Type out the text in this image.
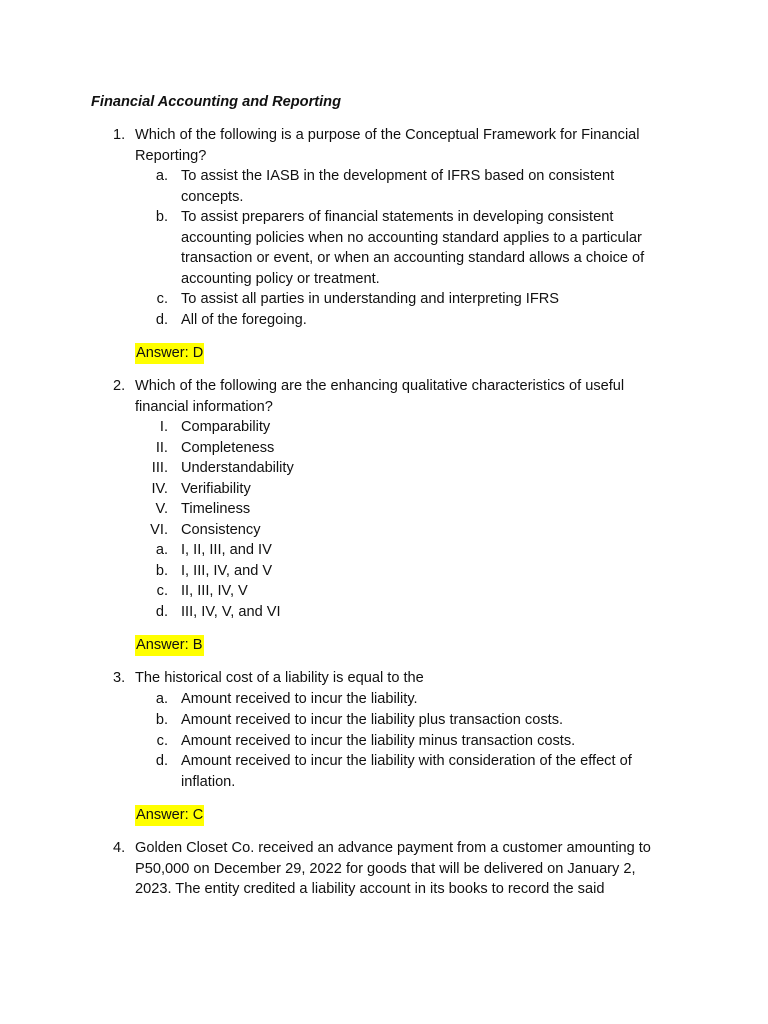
Financial Accounting and Reporting
1. Which of the following is a purpose of the Conceptual Framework for Financial
Reporting?
a. To assist the IASB in the development of IFRS based on consistent
concepts.
b. To assist preparers of financial statements in developing consistent
accounting policies when no accounting standard applies to a particular
transaction or event, or when an accounting standard allows a choice of
accounting policy or treatment.
c. To assist all parties in understanding and interpreting IFRS
d. All of the foregoing.
Answer: D
2. Which of the following are the enhancing qualitative characteristics of useful
financial information?
I. Comparability
II. Completeness
III. Understandability
IV. Verifiability
V. Timeliness
VI. Consistency
a. I, II, III, and IV
b. I, III, IV, and V
c. II, III, IV, V
d. III, IV, V, and VI
Answer: B
3. The historical cost of a liability is equal to the
a. Amount received to incur the liability.
b. Amount received to incur the liability plus transaction costs.
c. Amount received to incur the liability minus transaction costs.
d. Amount received to incur the liability with consideration of the effect of
inflation.
Answer: C
4. Golden Closet Co. received an advance payment from a customer amounting to
P50,000 on December 29, 2022 for goods that will be delivered on January 2,
2023. The entity credited a liability account in its books to record the said
